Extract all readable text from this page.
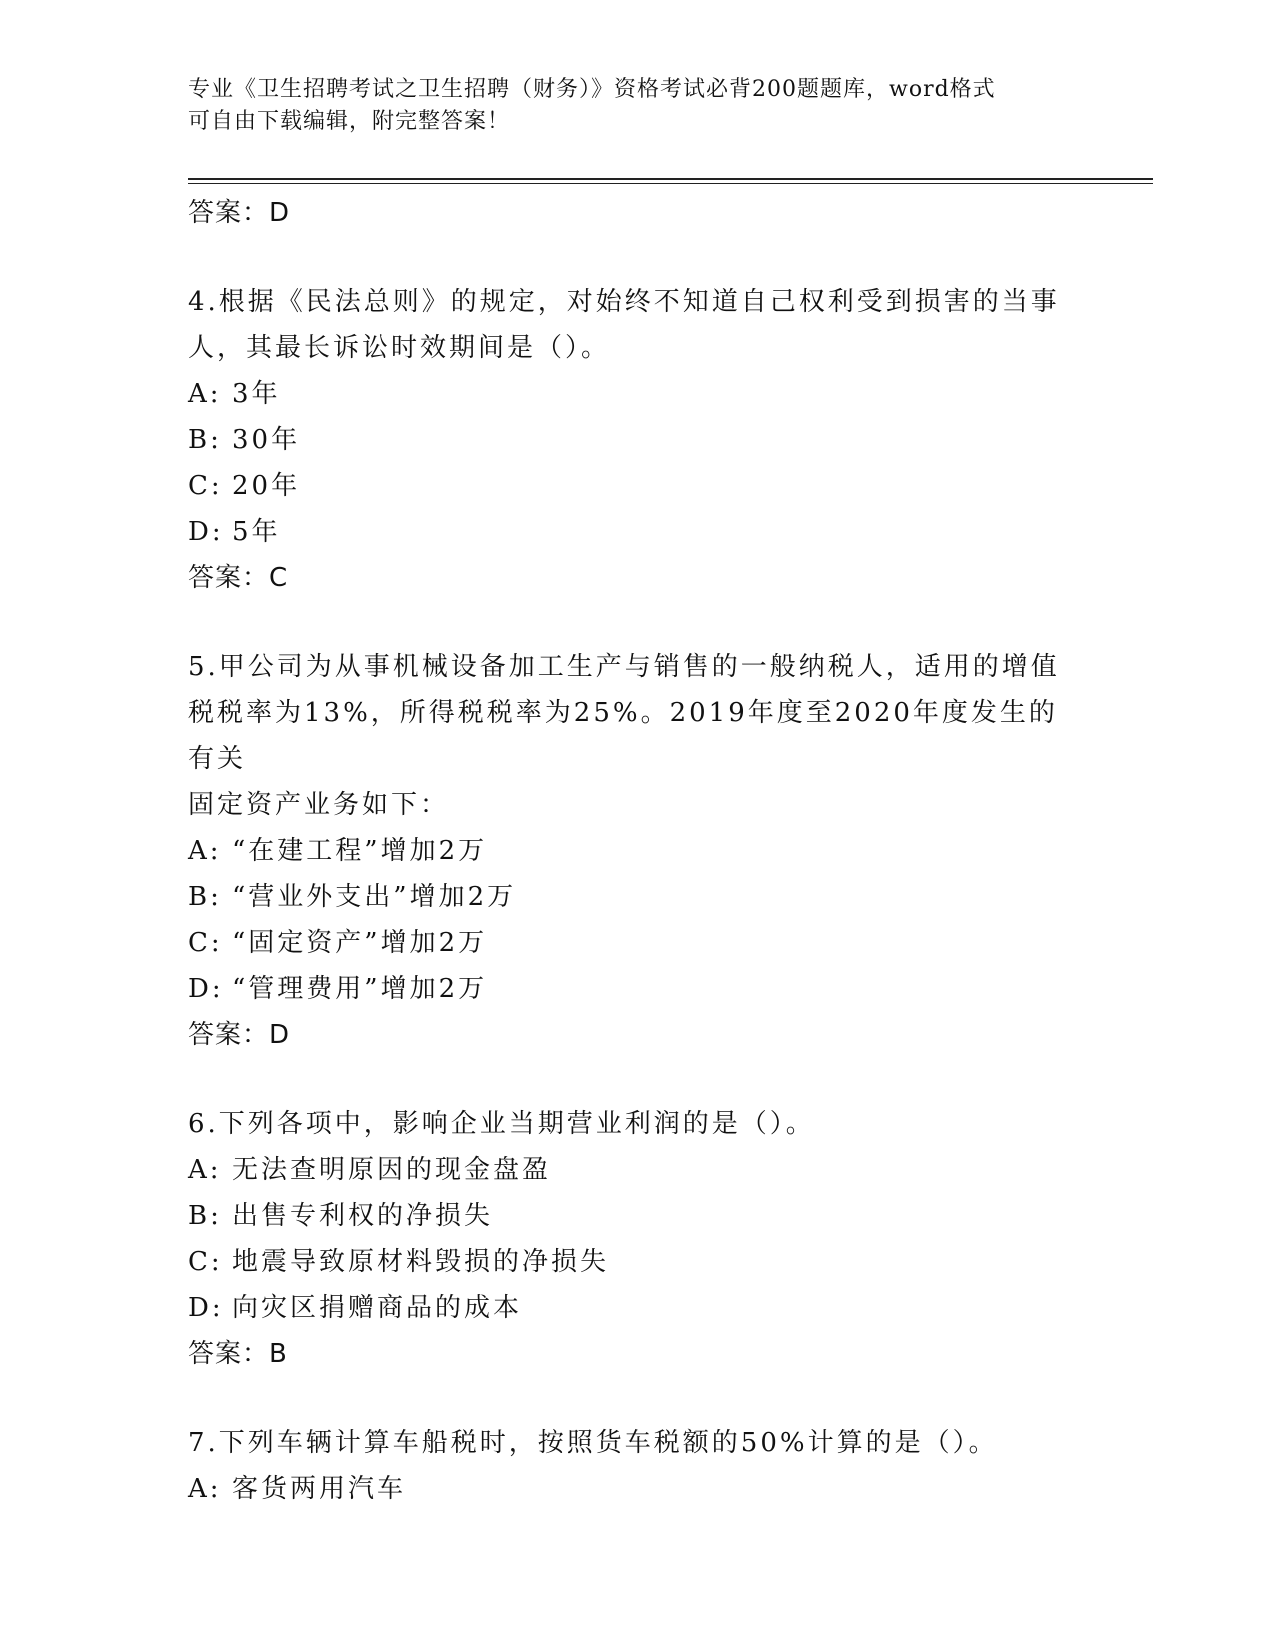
专业《卫生招聘考试之卫生招聘（财务）》资格考试必背200题题库，word格式
可自由下载编辑，附完整答案！
答案：D
4.根据《民法总则》的规定，对始终不知道自己权利受到损害的当事
人，其最长诉讼时效期间是（）。
A: 3年
B: 30年
C: 20年
D: 5年
答案：C
5.甲公司为从事机械设备加工生产与销售的一般纳税人，适用的增值
税税率为13%，所得税税率为25%。2019年度至2020年度发生的有关
固定资产业务如下：
A: “在建工程”增加2万
B: “营业外支出”增加2万
C: “固定资产”增加2万
D: “管理费用”增加2万
答案：D
6.下列各项中，影响企业当期营业利润的是（）。
A: 无法查明原因的现金盘盈
B: 出售专利权的净损失
C: 地震导致原材料毁损的净损失
D: 向灾区捐赠商品的成本
答案：B
7.下列车辆计算车船税时，按照货车税额的50%计算的是（）。
A: 客货两用汽车
